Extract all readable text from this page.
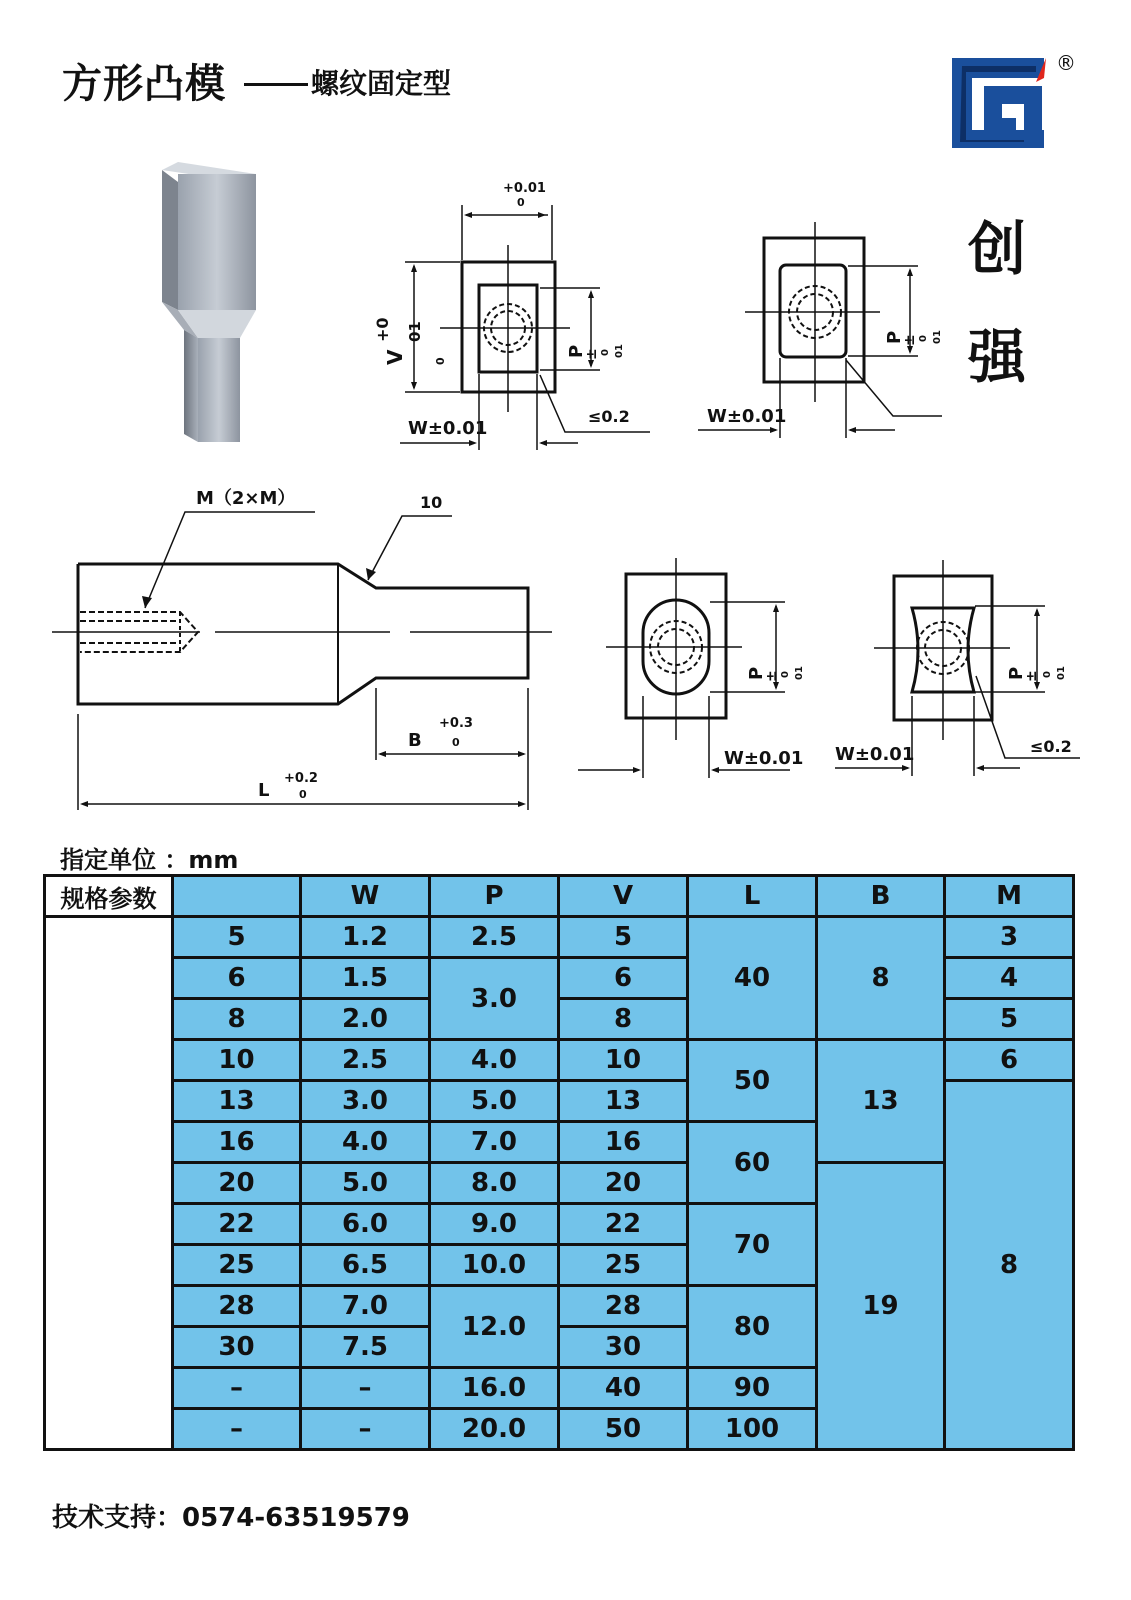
方形凸模	螺纹固定型
®
创
强
+0.01
0
V
+0 01
0
P
± 0 01
W±0.01
≤0.2
P
± 0 01
W±0.01
M（2×M）	10
B
+0.3
0
L
+0.2
0
P
± 0 01
W±0.01
P
± 0 01
W±0.01	≤0.2
指定单位 ：mm
规格参数		W	P	V	L	B	M
	5	1.2	2.5	5	40	8	3
	6	1.5	3.0	6			4
	8	2.0		8			5
	10	2.5	4.0	10	50	13	6
	13	3.0	5.0	13			8
	16	4.0	7.0	16	60		
	20	5.0	8.0	20		19	
	22	6.0	9.0	22	70		
	25	6.5	10.0	25			
	28	7.0	12.0	28	80		
	30	7.5		30			
	–	–	16.0	40	90		
	–	–	20.0	50	100		
技术支持：0574-63519579
